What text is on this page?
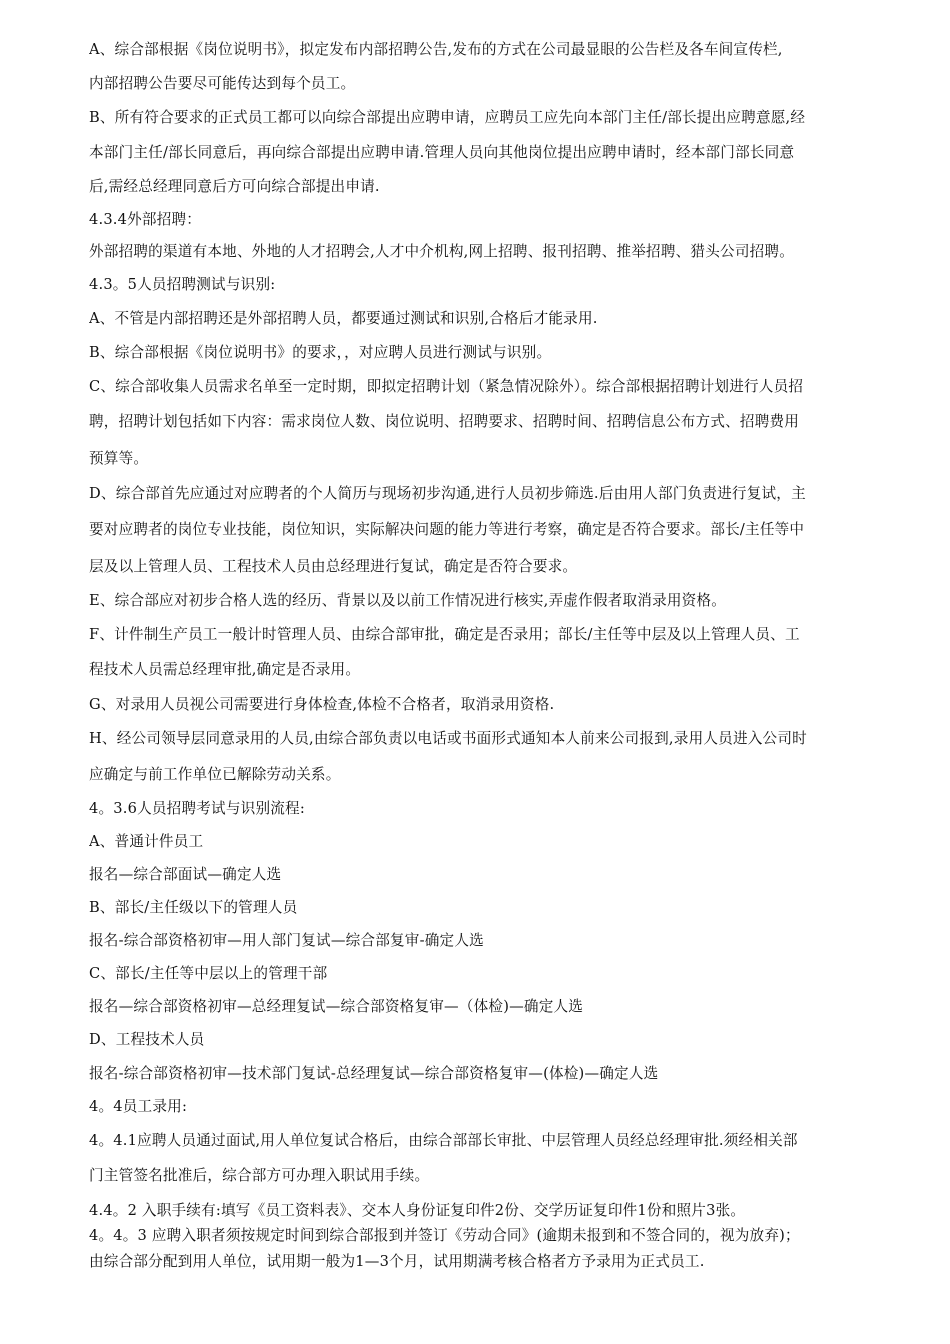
A、综合部根据《岗位说明书》，拟定发布内部招聘公告,发布的方式在公司最显眼的公告栏及各车间宣传栏,
内部招聘公告要尽可能传达到每个员工。
B、所有符合要求的正式员工都可以向综合部提出应聘申请，应聘员工应先向本部门主任/部长提出应聘意愿,经
本部门主任/部长同意后，再向综合部提出应聘申请.管理人员向其他岗位提出应聘申请时，经本部门部长同意
后,需经总经理同意后方可向综合部提出申请.
4.3.4外部招聘：
外部招聘的渠道有本地、外地的人才招聘会,人才中介机构,网上招聘、报刊招聘、推举招聘、猎头公司招聘。
4.3。5人员招聘测试与识别:
A、不管是内部招聘还是外部招聘人员，都要通过测试和识别,合格后才能录用.
B、综合部根据《岗位说明书》的要求，，对应聘人员进行测试与识别。
C、综合部收集人员需求名单至一定时期，即拟定招聘计划（紧急情况除外）。综合部根据招聘计划进行人员招
聘，招聘计划包括如下内容：需求岗位人数、岗位说明、招聘要求、招聘时间、招聘信息公布方式、招聘费用
预算等。
D、综合部首先应通过对应聘者的个人简历与现场初步沟通,进行人员初步筛选.后由用人部门负责进行复试，主
要对应聘者的岗位专业技能，岗位知识，实际解决问题的能力等进行考察，确定是否符合要求。部长/主任等中
层及以上管理人员、工程技术人员由总经理进行复试，确定是否符合要求。
E、综合部应对初步合格人选的经历、背景以及以前工作情况进行核实,弄虚作假者取消录用资格。
F、计件制生产员工一般计时管理人员、由综合部审批，确定是否录用；部长/主任等中层及以上管理人员、工
程技术人员需总经理审批,确定是否录用。
G、对录用人员视公司需要进行身体检查,体检不合格者，取消录用资格.
H、经公司领导层同意录用的人员,由综合部负责以电话或书面形式通知本人前来公司报到,录用人员进入公司时
应确定与前工作单位已解除劳动关系。
4。3.6人员招聘考试与识别流程:
A、普通计件员工
报名—综合部面试—确定人选
B、部长/主任级以下的管理人员
报名-综合部资格初审—用人部门复试—综合部复审-确定人选
C、部长/主任等中层以上的管理干部
报名—综合部资格初审—总经理复试—综合部资格复审—（体检)—确定人选
D、工程技术人员
报名-综合部资格初审—技术部门复试-总经理复试—综合部资格复审—(体检)—确定人选
4。4员工录用:
4。4.1应聘人员通过面试,用人单位复试合格后，由综合部部长审批、中层管理人员经总经理审批.须经相关部
门主管签名批准后，综合部方可办理入职试用手续。
4.4。2 入职手续有:填写《员工资料表》、交本人身份证复印件2份、交学历证复印件1份和照片3张。
4。4。3 应聘入职者须按规定时间到综合部报到并签订《劳动合同》(逾期未报到和不签合同的，视为放弃)；
由综合部分配到用人单位，试用期一般为1—3个月，试用期满考核合格者方予录用为正式员工.
